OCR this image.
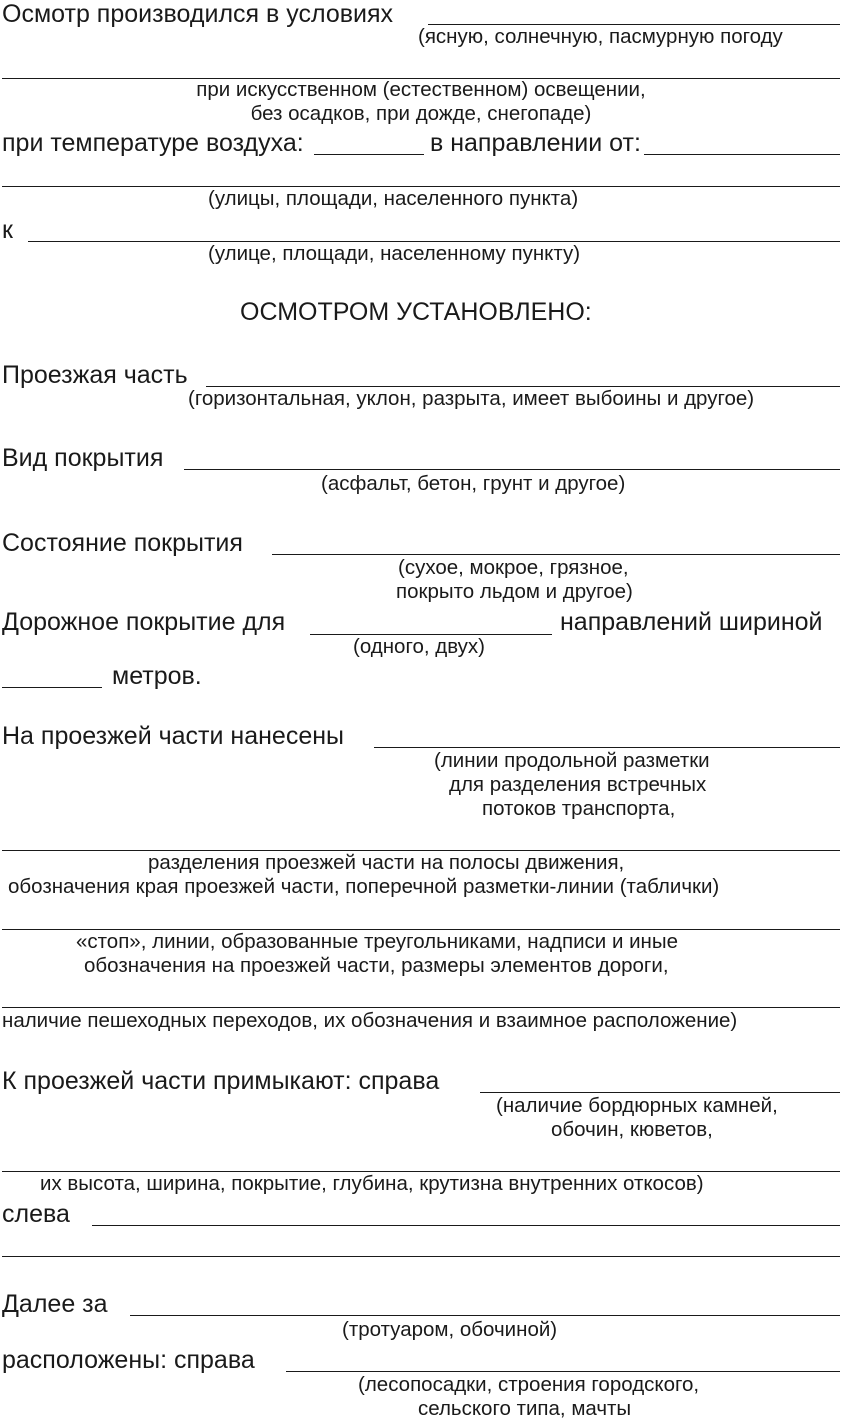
Осмотр производился в условиях
(ясную, солнечную, пасмурную погоду
при искусственном (естественном) освещении,
без осадков, при дожде, снегопаде)
при температуре воздуха:	в направлении от:
(улицы, площади, населенного пункта)
к
(улице, площади, населенному пункту)
ОСМОТРОМ УСТАНОВЛЕНО:
Проезжая часть
(горизонтальная, уклон, разрыта, имеет выбоины и другое)
Вид покрытия
(асфальт, бетон, грунт и другое)
Состояние покрытия
(сухое, мокрое, грязное,
покрыто льдом и другое)
Дорожное покрытие для	направлений шириной
(одного, двух)
метров.
На проезжей части нанесены
(линии продольной разметки
для разделения встречных
потоков транспорта,
разделения проезжей части на полосы движения,
обозначения края проезжей части, поперечной разметки-линии (таблички)
«стоп», линии, образованные треугольниками, надписи и иные
обозначения на проезжей части, размеры элементов дороги,
наличие пешеходных переходов, их обозначения и взаимное расположение)
К проезжей части примыкают: справа
(наличие бордюрных камней,
обочин, кюветов,
их высота, ширина, покрытие, глубина, крутизна внутренних откосов)
слева
Далее за
(тротуаром, обочиной)
расположены: справа
(лесопосадки, строения городского,
сельского типа, мачты
